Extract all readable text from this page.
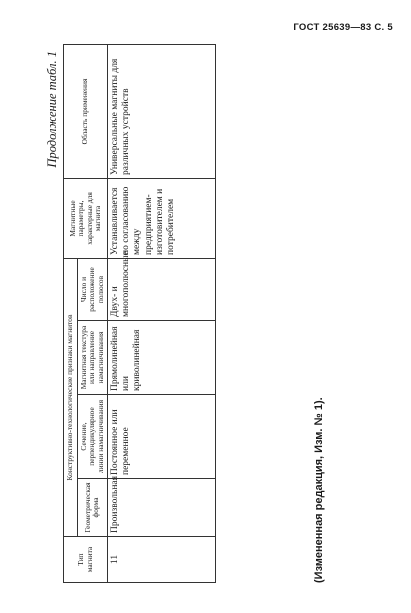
ГОСТ 25639—83 С. 5
Продолжение табл. 1
Тип магнита	Конструктивно-технологические признаки магнитов				Магнитные параметры, характерные для магнита	Область применения
	Геометрическая форма	Сечение, перпендикулярное линии намагничивания	Магнитная текстура или направление намагничивания	Число и расположение полюсов		
11	Произвольная	Постоянное или переменное	Прямолинейная или криволинейная	Двух- и многополюсные	Устанавливается по согласованию между предприятием-изготовителем и потребителем	Универсальные магниты для различных устройств
(Измененная редакция, Изм. № 1).
